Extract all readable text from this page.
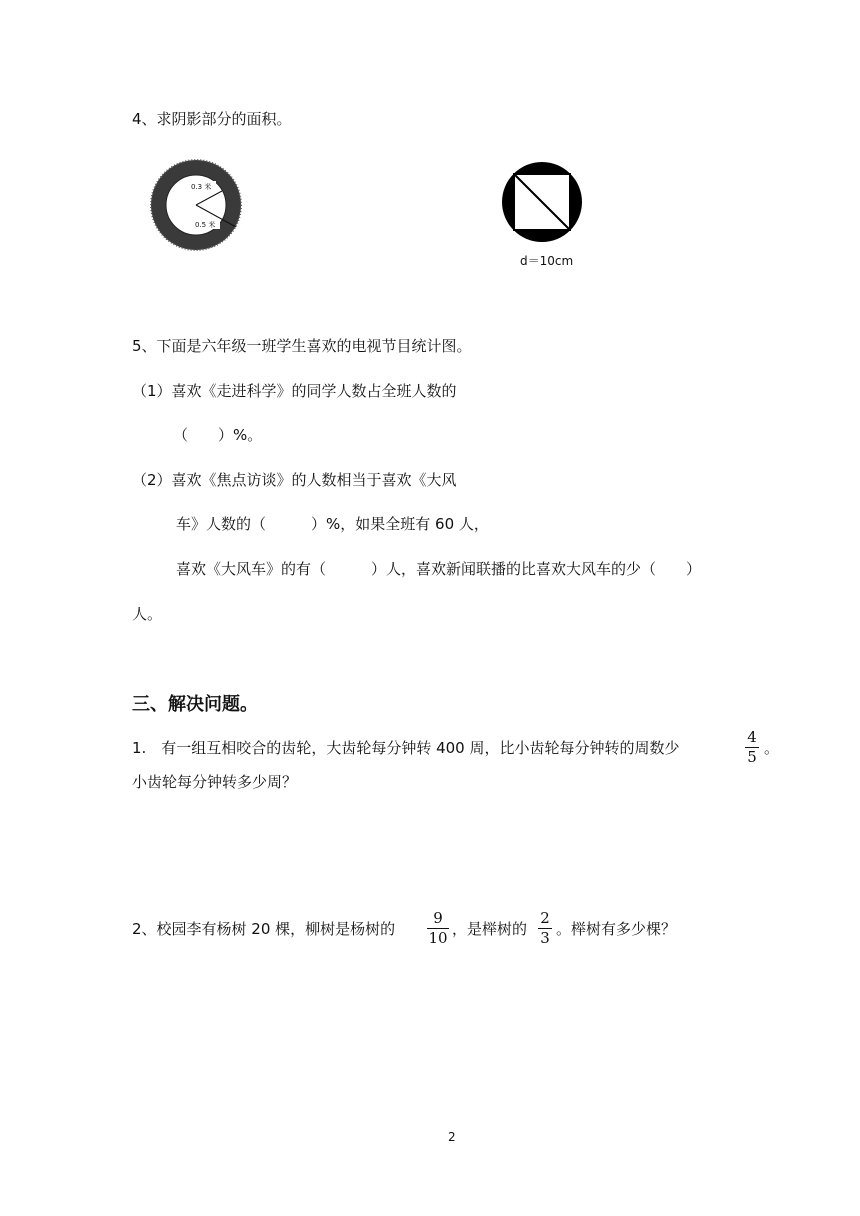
4、求阴影部分的面积。
0.3 米
0.5 米
d＝10cm
5、下面是六年级一班学生喜欢的电视节目统计图。
（1）喜欢《走进科学》的同学人数占全班人数的
（　　）%。
（2）喜欢《焦点访谈》的人数相当于喜欢《大风
车》人数的（　　　）%，如果全班有 60 人，
喜欢《大风车》的有（　　　）人，喜欢新闻联播的比喜欢大风车的少（　　）
人。
三、解决问题。
1.　有一组互相咬合的齿轮，大齿轮每分钟转 400 周，比小齿轮每分钟转的周数少
4
5 。
小齿轮每分钟转多少周？
2、校园李有杨树 20 棵，柳树是杨树的
9
10 ，是榉树的
2
3 。榉树有多少棵？
2
